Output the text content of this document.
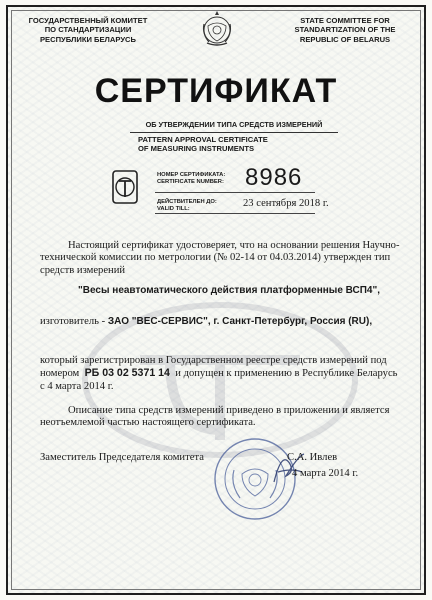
ГОСУДАРСТВЕННЫЙ КОМИТЕТ
ПО СТАНДАРТИЗАЦИИ
РЕСПУБЛИКИ БЕЛАРУСЬ
STATE COMMITTEE FOR
STANDARTIZATION OF THE
REPUBLIC OF BELARUS
СЕРТИФИКАТ
ОБ УТВЕРЖДЕНИИ ТИПА СРЕДСТВ ИЗМЕРЕНИЙ
PATTERN APPROVAL CERTIFICATE
OF MEASURING INSTRUMENTS
НОМЕР СЕРТИФИКАТА:
CERTIFICATE NUMBER: 8986
ДЕЙСТВИТЕЛЕН ДО:
VALID TILL:	23 сентября 2018 г.
Настоящий сертификат удостоверяет, что на основании решения Научно-технической комиссии по метрологии (№ 02-14 от 04.03.2014) утвержден тип средств измерений
"Весы неавтоматического действия платформенные ВСП4",
изготовитель - ЗАО "ВЕС-СЕРВИС", г. Санкт-Петербург, Россия (RU),
который зарегистрирован в Государственном реестре средств измерений под номером РБ 03 02 5371 14 и допущен к применению в Республике Беларусь с 4 марта 2014 г.
Описание типа средств измерений приведено в приложении и является неотъемлемой частью настоящего сертификата.
Заместитель Председателя комитета	С.А. Ивлев
4 марта 2014 г.
